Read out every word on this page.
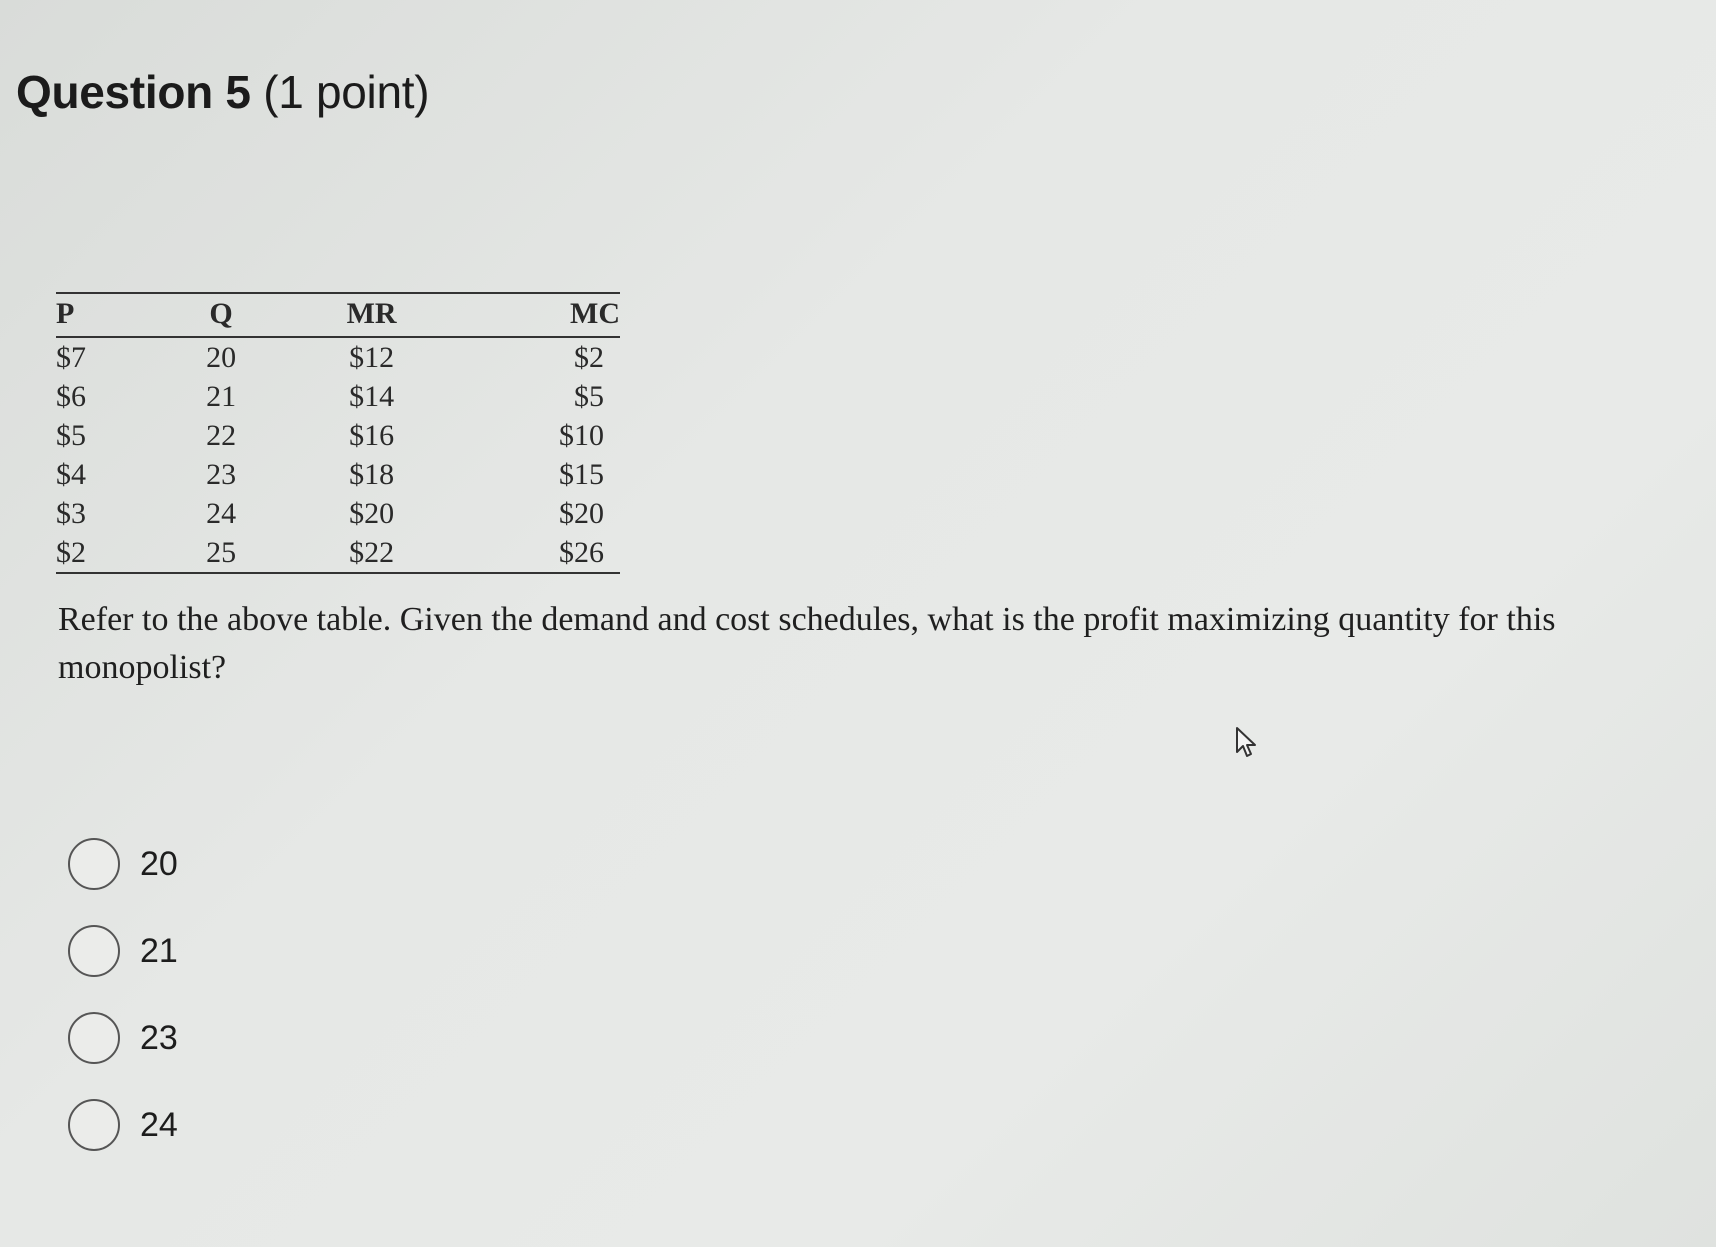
Question 5 (1 point)
P	Q	MR	MC
$7	20	$12	$2
$6	21	$14	$5
$5	22	$16	$10
$4	23	$18	$15
$3	24	$20	$20
$2	25	$22	$26
Refer to the above table. Given the demand and cost schedules, what is the profit maximizing quantity for this monopolist?
20
21
23
24
